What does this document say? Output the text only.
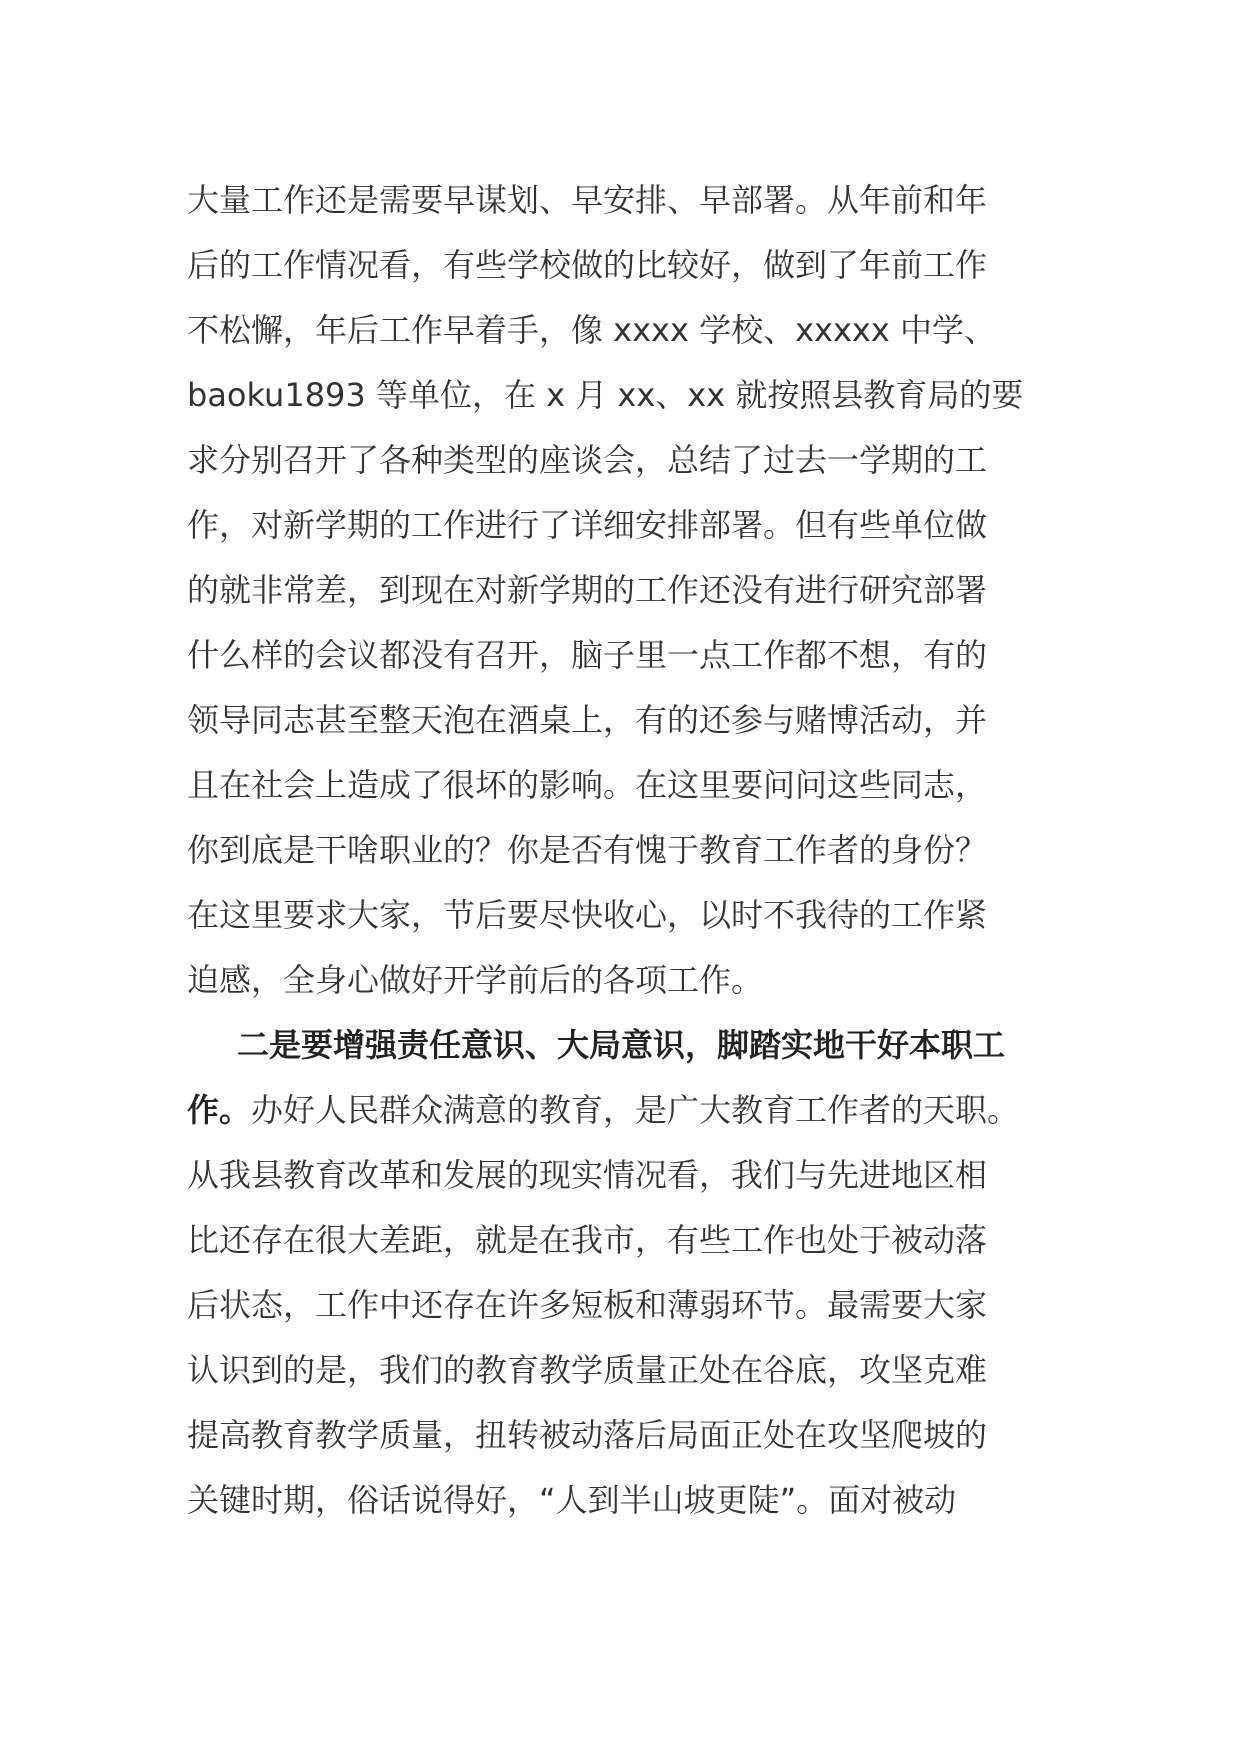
大量工作还是需要早谋划、早安排、早部署。从年前和年
后的工作情况看，有些学校做的比较好，做到了年前工作
不松懈，年后工作早着手，像 xxxx 学校、xxxxx 中学、
baoku1893 等单位，在 x 月 xx、xx 就按照县教育局的要
求分别召开了各种类型的座谈会，总结了过去一学期的工
作，对新学期的工作进行了详细安排部署。但有些单位做
的就非常差，到现在对新学期的工作还没有进行研究部署
什么样的会议都没有召开，脑子里一点工作都不想，有的
领导同志甚至整天泡在酒桌上，有的还参与赌博活动，并
且在社会上造成了很坏的影响。在这里要问问这些同志，
你到底是干啥职业的？你是否有愧于教育工作者的身份？
在这里要求大家，节后要尽快收心，以时不我待的工作紧
迫感，全身心做好开学前后的各项工作。
二是要增强责任意识、大局意识，脚踏实地干好本职工
作。办好人民群众满意的教育，是广大教育工作者的天职。
从我县教育改革和发展的现实情况看，我们与先进地区相
比还存在很大差距，就是在我市，有些工作也处于被动落
后状态，工作中还存在许多短板和薄弱环节。最需要大家
认识到的是，我们的教育教学质量正处在谷底，攻坚克难
提高教育教学质量，扭转被动落后局面正处在攻坚爬坡的
关键时期，俗话说得好，“人到半山坡更陡”。面对被动
